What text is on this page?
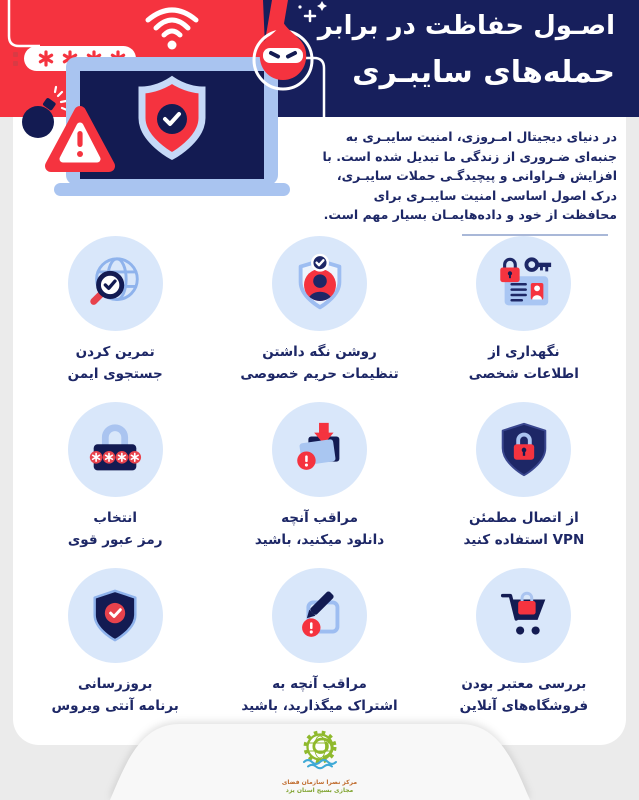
اصـول حفاظت در برابر
حمله‌های سایبـری
در دنیای دیجیتال امـروزی، امنیت سایبـری به جنبه‌ای ضـروری از زندگی ما تبدیل شده است. با افزایش فـراوانی و پیچیدگـی حملات سایبـری، درک اصول اساسی امنیت سایبـری برای محافظت از خود و داده‌هایمـان بسیار مهم است.
نگهداری از
اطلاعات شخصی
روشن نگه داشتن
تنظیمات حریم خصوصی
تمرین کردن
جستجوی ایمن
از اتصال مطمئن
VPN استفاده کنید
مراقب آنچه
دانلود میکنید، باشید
انتخاب
رمز عبور قوی
بررسی معتبر بودن
فروشگاه‌های آنلاین
مراقب آنچه به
اشتراک میگذارید، باشید
بروزرسانی
برنامه آنتی ویروس
مرکز نصرا سازمان فضای
مجازی بسیج استان یزد
